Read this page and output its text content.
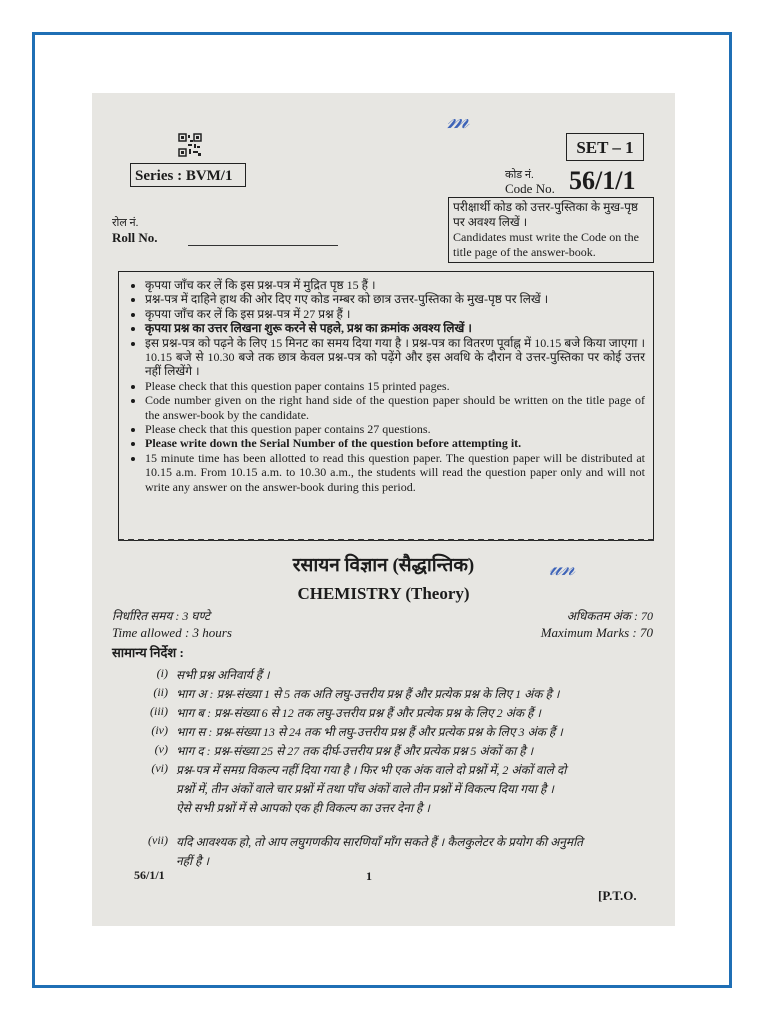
𝓂
SET – 1
Series : BVM/1	कोड नं.
Code No. 56/1/1
परीक्षार्थी कोड को उत्तर-पुस्तिका के मुख-पृष्ठ पर अवश्य लिखें ।
Candidates must write the Code on the title page of the answer-book.
रोल नं.
Roll No.
• कृपया जाँच कर लें कि इस प्रश्न-पत्र में मुद्रित पृष्ठ 15 हैं ।
• प्रश्न-पत्र में दाहिने हाथ की ओर दिए गए कोड नम्बर को छात्र उत्तर-पुस्तिका के मुख-पृष्ठ पर लिखें ।
• कृपया जाँच कर लें कि इस प्रश्न-पत्र में 27 प्रश्न हैं ।
• कृपया प्रश्न का उत्तर लिखना शुरू करने से पहले, प्रश्न का क्रमांक अवश्य लिखें ।
• इस प्रश्न-पत्र को पढ़ने के लिए 15 मिनट का समय दिया गया है । प्रश्न-पत्र का वितरण पूर्वाह्न में 10.15 बजे किया जाएगा । 10.15 बजे से 10.30 बजे तक छात्र केवल प्रश्न-पत्र को पढ़ेंगे और इस अवधि के दौरान वे उत्तर-पुस्तिका पर कोई उत्तर नहीं लिखेंगे ।
• Please check that this question paper contains 15 printed pages.
• Code number given on the right hand side of the question paper should be written on the title page of the answer-book by the candidate.
• Please check that this question paper contains 27 questions.
• Please write down the Serial Number of the question before attempting it.
• 15 minute time has been allotted to read this question paper. The question paper will be distributed at 10.15 a.m. From 10.15 a.m. to 10.30 a.m., the students will read the question paper only and will not write any answer on the answer-book during this period.
रसायन विज्ञान (सैद्धान्तिक)	𝓊𝓃
CHEMISTRY (Theory)
निर्धारित समय : 3 घण्टे	अधिकतम अंक : 70
Time allowed : 3 hours	Maximum Marks : 70
सामान्य निर्देश :
(i) सभी प्रश्न अनिवार्य हैं ।
(ii) भाग अ : प्रश्न-संख्या 1 से 5 तक अति लघु-उत्तरीय प्रश्न हैं और प्रत्येक प्रश्न के लिए 1 अंक है ।
(iii) भाग ब : प्रश्न-संख्या 6 से 12 तक लघु-उत्तरीय प्रश्न हैं और प्रत्येक प्रश्न के लिए 2 अंक हैं ।
(iv) भाग स : प्रश्न-संख्या 13 से 24 तक भी लघु-उत्तरीय प्रश्न हैं और प्रत्येक प्रश्न के लिए 3 अंक हैं ।
(v) भाग द : प्रश्न-संख्या 25 से 27 तक दीर्घ-उत्तरीय प्रश्न हैं और प्रत्येक प्रश्न 5 अंकों का है ।
(vi) प्रश्न-पत्र में समग्र विकल्प नहीं दिया गया है । फिर भी एक अंक वाले दो प्रश्नों में, 2 अंकों वाले दो
प्रश्नों में, तीन अंकों वाले चार प्रश्नों में तथा पाँच अंकों वाले तीन प्रश्नों में विकल्प दिया गया है ।
ऐसे सभी प्रश्नों में से आपको एक ही विकल्प का उत्तर देना है ।
(vii) यदि आवश्यक हो, तो आप लघुगणकीय सारणियाँ माँग सकते हैं । कैलकुलेटर के प्रयोग की अनुमति
नहीं है ।
56/1/1	1
[P.T.O.
